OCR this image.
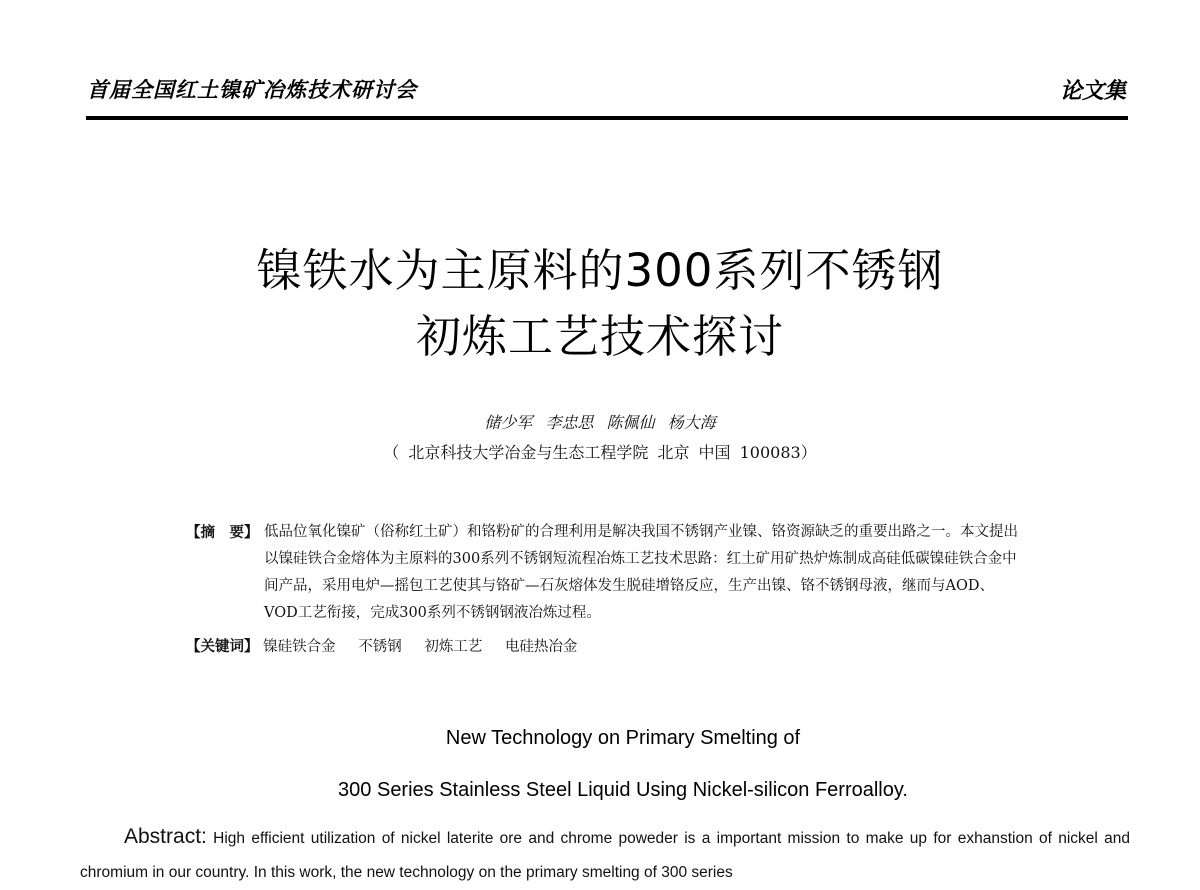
首届全国红土镍矿冶炼技术研讨会	论文集
镍铁水为主原料的300系列不锈钢
初炼工艺技术探讨
储少军 李忠思 陈佩仙 杨大海
（ 北京科技大学冶金与生态工程学院 北京 中国 100083）
【摘　要】 低品位氧化镍矿（俗称红土矿）和铬粉矿的合理利用是解决我国不锈钢产业镍、铬资源缺乏的重要出路之一。本文提出以镍硅铁合金熔体为主原料的300系列不锈钢短流程冶炼工艺技术思路：红土矿用矿热炉炼制成高硅低碳镍硅铁合金中间产品，采用电炉—摇包工艺使其与铬矿—石灰熔体发生脱硅增铬反应，生产出镍、铬不锈钢母液，继而与AOD、VOD工艺衔接，完成300系列不锈钢钢液冶炼过程。
【关键词】 镍硅铁合金 不锈钢 初炼工艺 电硅热冶金
New Technology on Primary Smelting of
300 Series Stainless Steel Liquid Using Nickel-silicon Ferroalloy.
Abstract: High efficient utilization of nickel laterite ore and chrome poweder is a important mission to make up for exhanstion of nickel and chromium in our country. In this work, the new technology on the primary smelting of 300 series
